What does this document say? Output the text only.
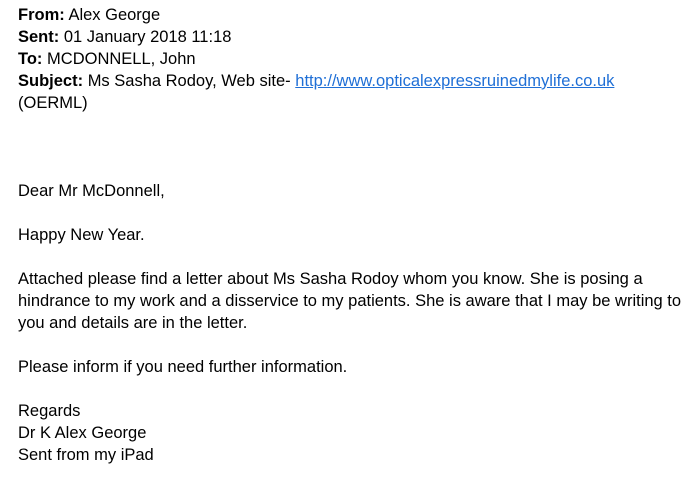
From: Alex George
Sent: 01 January 2018 11:18
To: MCDONNELL, John
Subject: Ms Sasha Rodoy, Web site- http://www.opticalexpressruinedmylife.co.uk
(OERML)

Dear Mr McDonnell,

Happy New Year.

Attached please find a letter about Ms Sasha Rodoy whom you know. She is posing a hindrance to my work and a disservice to my patients. She is aware that I may be writing to you and details are in the letter.

Please inform if you need further information.

Regards

Dr K Alex George

Sent from my iPad
